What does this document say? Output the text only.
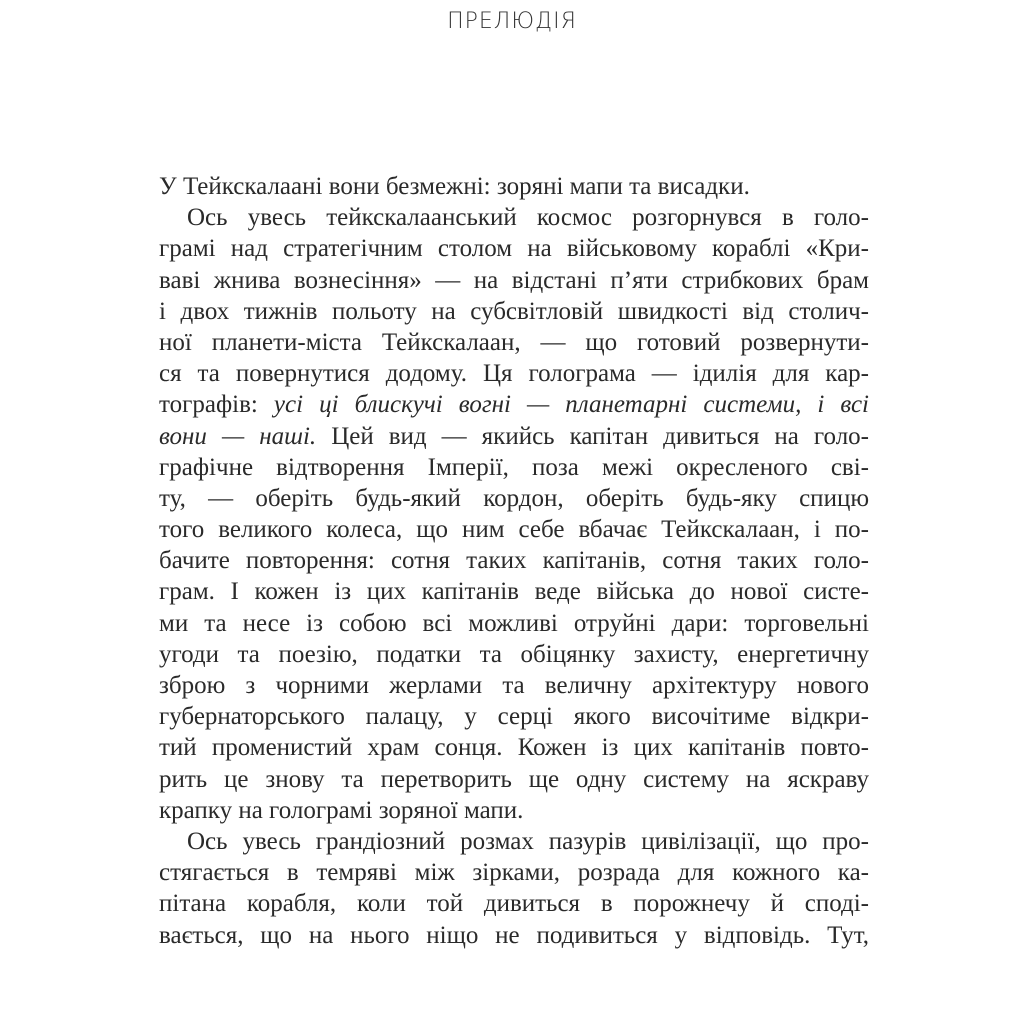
ПРЕЛЮДІЯ
У Тейкскалаані вони безмежні: зоряні мапи та висадки.
Ось увесь тейкскалаанський космос розгорнувся в голо-
грамі над стратегічним столом на військовому кораблі «Кри-
ваві жнива вознесіння» — на відстані п’яти стрибкових брам
і двох тижнів польоту на субсвітловій швидкості від столич-
ної планети-міста Тейкскалаан, — що готовий розвернути-
ся та повернутися додому. Ця голограма — ідилія для кар-
тографів: усі ці блискучі вогні — планетарні системи, і всі
вони — наші. Цей вид — якийсь капітан дивиться на голо-
графічне відтворення Імперії, поза межі окресленого сві-
ту, — оберіть будь-який кордон, оберіть будь-яку спицю
того великого колеса, що ним себе вбачає Тейкскалаан, і по-
бачите повторення: сотня таких капітанів, сотня таких голо-
грам. І кожен із цих капітанів веде війська до нової систе-
ми та несе із собою всі можливі отруйні дари: торговельні
угоди та поезію, податки та обіцянку захисту, енергетичну
зброю з чорними жерлами та величну архітектуру нового
губернаторського палацу, у серці якого височітиме відкри-
тий променистий храм сонця. Кожен із цих капітанів повто-
рить це знову та перетворить ще одну систему на яскраву
крапку на голограмі зоряної мапи.
Ось увесь грандіозний розмах пазурів цивілізації, що про-
стягається в темряві між зірками, розрада для кожного ка-
пітана корабля, коли той дивиться в порожнечу й сподi-
вається, що на нього ніщо не подивиться у відповідь. Тут,
